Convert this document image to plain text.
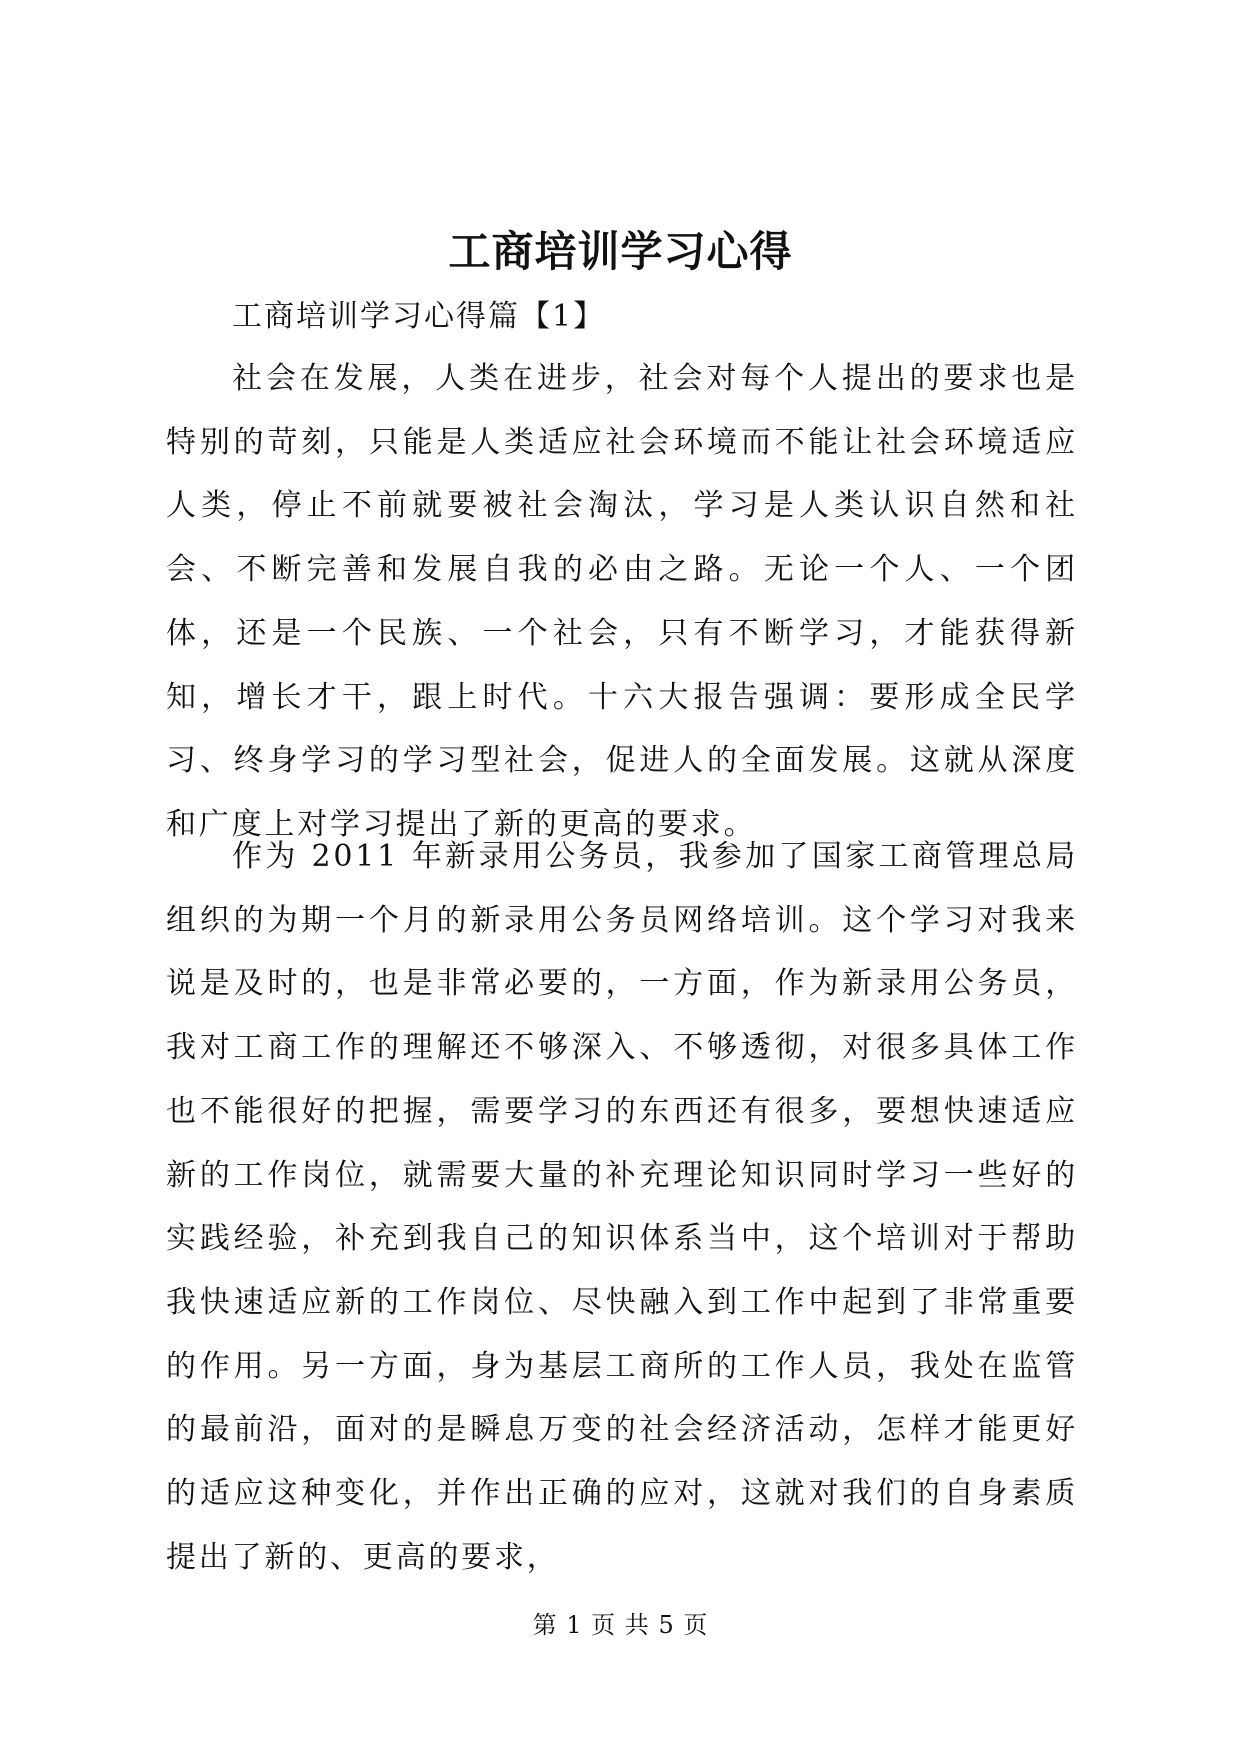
工商培训学习心得
工商培训学习心得篇【1】

社会在发展，人类在进步，社会对每个人提出的要求也是特别的苛刻，只能是人类适应社会环境而不能让社会环境适应人类，停止不前就要被社会淘汰，学习是人类认识自然和社会、不断完善和发展自我的必由之路。无论一个人、一个团体，还是一个民族、一个社会，只有不断学习，才能获得新知，增长才干，跟上时代。十六大报告强调：要形成全民学习、终身学习的学习型社会，促进人的全面发展。这就从深度和广度上对学习提出了新的更高的要求。

作为 2011 年新录用公务员，我参加了国家工商管理总局组织的为期一个月的新录用公务员网络培训。这个学习对我来说是及时的，也是非常必要的，一方面，作为新录用公务员，我对工商工作的理解还不够深入、不够透彻，对很多具体工作也不能很好的把握，需要学习的东西还有很多，要想快速适应新的工作岗位，就需要大量的补充理论知识同时学习一些好的实践经验，补充到我自己的知识体系当中，这个培训对于帮助我快速适应新的工作岗位、尽快融入到工作中起到了非常重要的作用。另一方面，身为基层工商所的工作人员，我处在监管的最前沿，面对的是瞬息万变的社会经济活动，怎样才能更好的适应这种变化，并作出正确的应对，这就对我们的自身素质提出了新的、更高的要求，

第 1 页 共 5 页
